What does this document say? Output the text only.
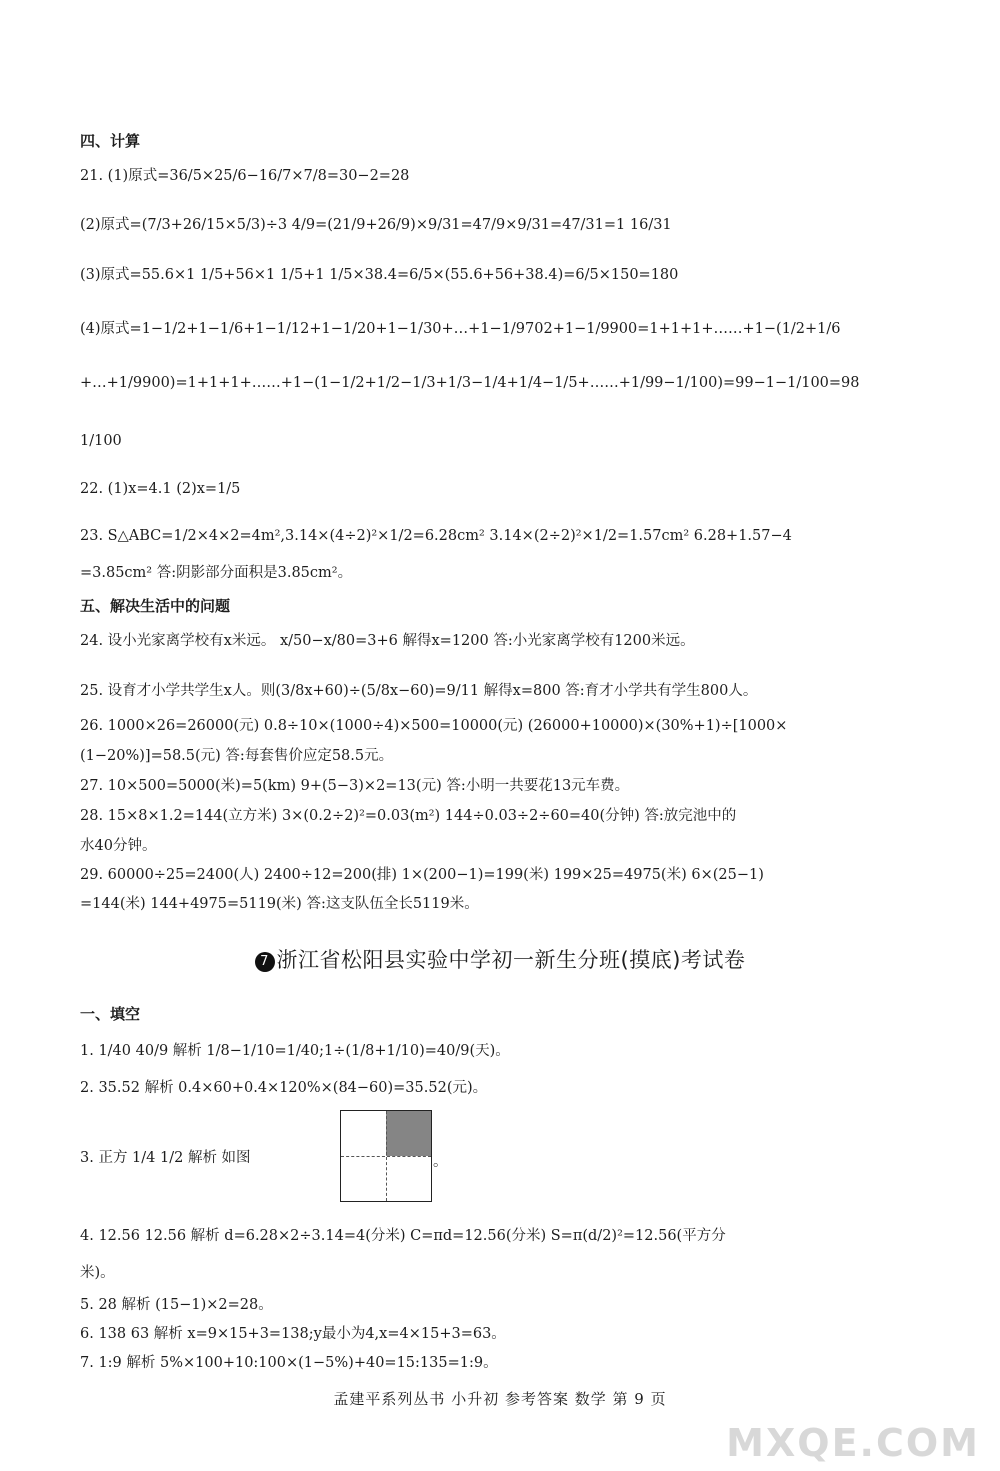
四、计算
21. (1)原式=36/5×25/6−16/7×7/8=30−2=28
(2)原式=(7/3+26/15×5/3)÷3 4/9=(21/9+26/9)×9/31=47/9×9/31=47/31=1 16/31
(3)原式=55.6×1 1/5+56×1 1/5+1 1/5×38.4=6/5×(55.6+56+38.4)=6/5×150=180
(4)原式=1−1/2+1−1/6+1−1/12+1−1/20+1−1/30+…+1−1/9702+1−1/9900=1+1+1+……+1−(1/2+1/6
+…+1/9900)=1+1+1+……+1−(1−1/2+1/2−1/3+1/3−1/4+1/4−1/5+……+1/99−1/100)=99−1−1/100=98
1/100
22. (1)x=4.1 (2)x=1/5
23. S△ABC=1/2×4×2=4m²,3.14×(4÷2)²×1/2=6.28cm² 3.14×(2÷2)²×1/2=1.57cm² 6.28+1.57−4
=3.85cm² 答:阴影部分面积是3.85cm²。
五、解决生活中的问题
24. 设小光家离学校有x米远。 x/50−x/80=3+6 解得x=1200 答:小光家离学校有1200米远。
25. 设育才小学共学生x人。则(3/8x+60)÷(5/8x−60)=9/11 解得x=800 答:育才小学共有学生800人。
26. 1000×26=26000(元) 0.8÷10×(1000÷4)×500=10000(元) (26000+10000)×(30%+1)÷[1000×
(1−20%)]=58.5(元) 答:每套售价应定58.5元。
27. 10×500=5000(米)=5(km) 9+(5−3)×2=13(元) 答:小明一共要花13元车费。
28. 15×8×1.2=144(立方米) 3×(0.2÷2)²=0.03(m²) 144÷0.03÷2÷60=40(分钟) 答:放完池中的
水40分钟。
29. 60000÷25=2400(人) 2400÷12=200(排) 1×(200−1)=199(米) 199×25=4975(米) 6×(25−1)
=144(米) 144+4975=5119(米) 答:这支队伍全长5119米。
7 浙江省松阳县实验中学初一新生分班(摸底)考试卷
一、填空
1. 1/40 40/9 解析 1/8−1/10=1/40;1÷(1/8+1/10)=40/9(天)。
2. 35.52 解析 0.4×60+0.4×120%×(84−60)=35.52(元)。
3. 正方 1/4 1/2 解析 如图	。
4. 12.56 12.56 解析 d=6.28×2÷3.14=4(分米) C=πd=12.56(分米) S=π(d/2)²=12.56(平方分
米)。
5. 28 解析 (15−1)×2=28。
6. 138 63 解析 x=9×15+3=138;y最小为4,x=4×15+3=63。
7. 1:9 解析 5%×100+10:100×(1−5%)+40=15:135=1:9。
孟建平系列丛书 小升初 参考答案 数学 第 9 页
MXQE.COM
